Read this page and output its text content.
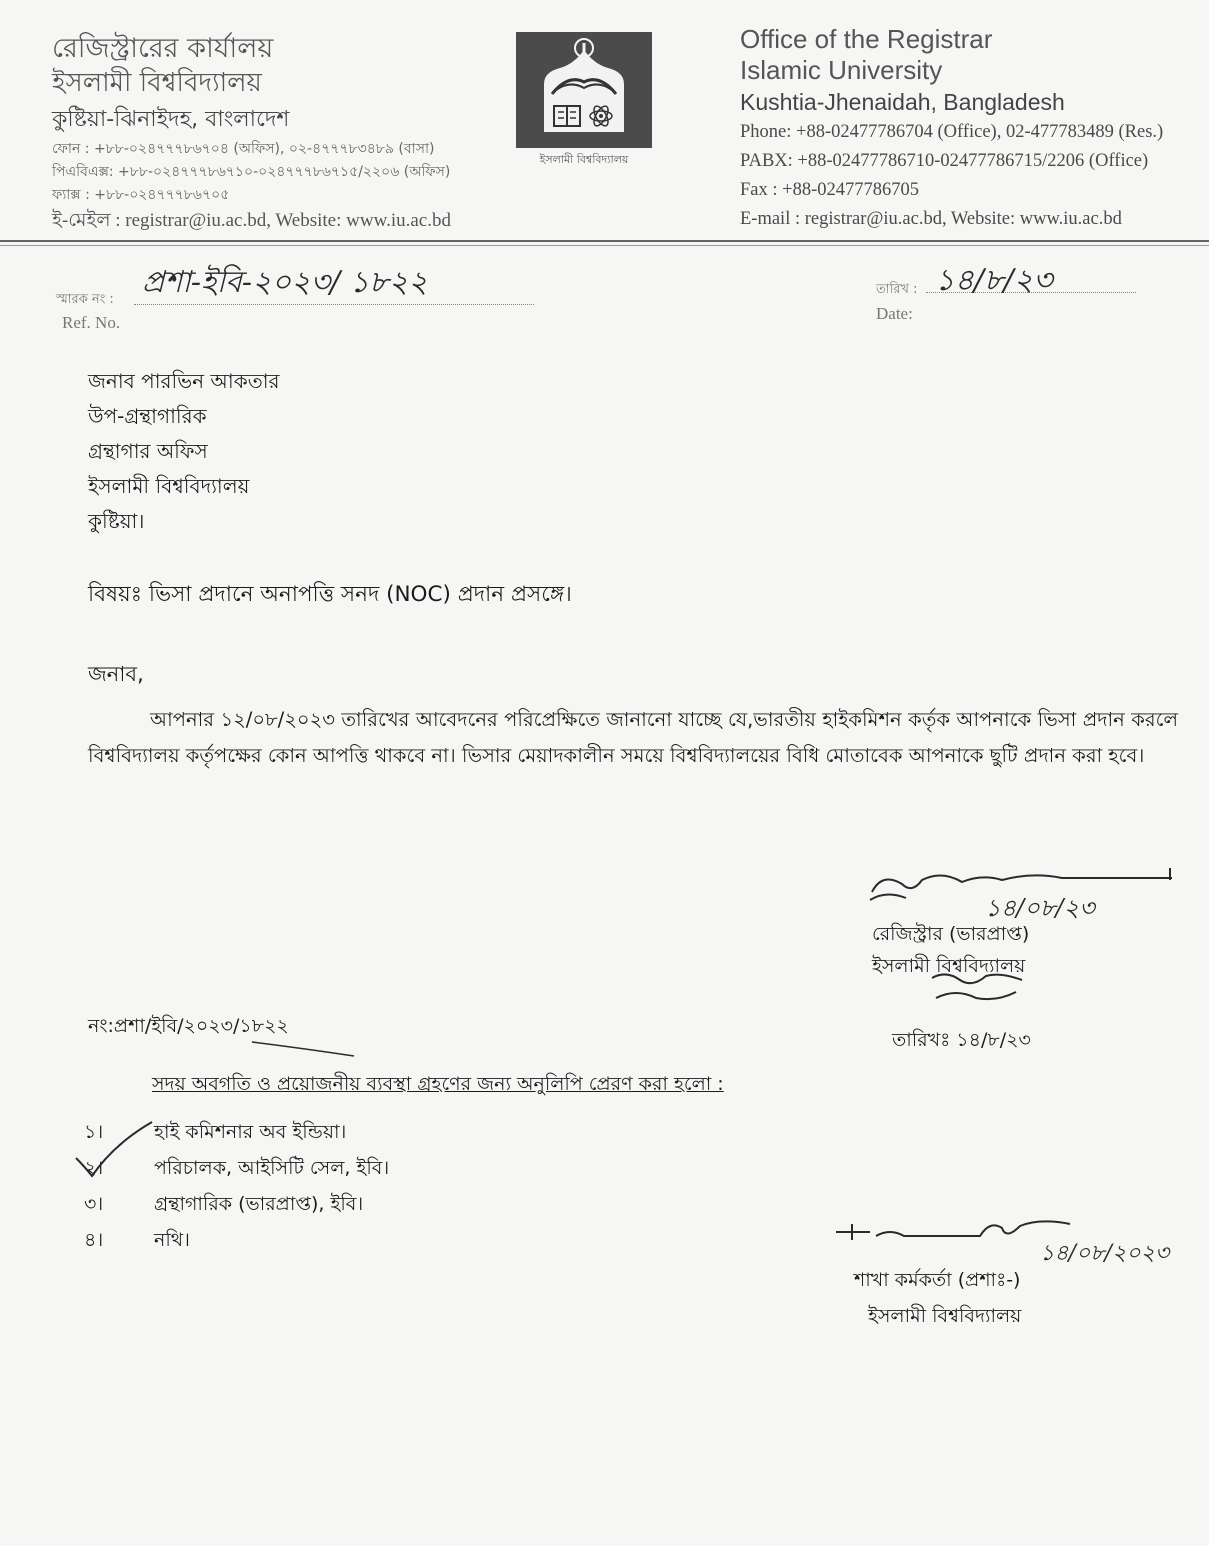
রেজিস্ট্রারের কার্যালয়
ইসলামী বিশ্ববিদ্যালয়
কুষ্টিয়া-ঝিনাইদহ, বাংলাদেশ
ফোন : +৮৮-০২৪৭৭৭৮৬৭০৪ (অফিস), ০২-৪৭৭৭৮৩৪৮৯ (বাসা)
পিএবিএক্স: +৮৮-০২৪৭৭৭৮৬৭১০-০২৪৭৭৭৮৬৭১৫/২২০৬ (অফিস)
ফ্যাক্স : +৮৮-০২৪৭৭৭৮৬৭০৫
ই-মেইল : registrar@iu.ac.bd, Website: www.iu.ac.bd
ইসলামী বিশ্ববিদ্যালয়
Office of the Registrar
Islamic University
Kushtia-Jhenaidah, Bangladesh
Phone: +88-02477786704 (Office), 02-477783489 (Res.)
PABX: +88-02477786710-02477786715/2206 (Office)
Fax : +88-02477786705
E-mail : registrar@iu.ac.bd, Website: www.iu.ac.bd
স্মারক নং :
Ref. No.
প্রশা-ইবি-২০২৩/ ১৮২২	তারিখ :
Date:
১৪/৮/২৩
জনাব পারভিন আকতার
উপ-গ্রন্থাগারিক
গ্রন্থাগার অফিস
ইসলামী বিশ্ববিদ্যালয়
কুষ্টিয়া।
বিষয়ঃ ভিসা প্রদানে অনাপত্তি সনদ (NOC) প্রদান প্রসঙ্গে।
জনাব,
আপনার ১২/০৮/২০২৩ তারিখের আবেদনের পরিপ্রেক্ষিতে জানানো যাচ্ছে যে,ভারতীয় হাইকমিশন কর্তৃক আপনাকে ভিসা প্রদান করলে বিশ্ববিদ্যালয় কর্তৃপক্ষের কোন আপত্তি থাকবে না। ভিসার মেয়াদকালীন সময়ে বিশ্ববিদ্যালয়ের বিধি মোতাবেক আপনাকে ছুটি প্রদান করা হবে।
১৪/০৮/২৩
রেজিস্ট্রার (ভারপ্রাপ্ত)
ইসলামী বিশ্ববিদ্যালয়
তারিখঃ ১৪/৮/২৩
নং:প্রশা/ইবি/২০২৩/১৮২২
সদয় অবগতি ও প্রয়োজনীয় ব্যবস্থা গ্রহণের জন্য অনুলিপি প্রেরণ করা হলো :
১।	হাই কমিশনার অব ইন্ডিয়া।
২।	পরিচালক, আইসিটি সেল, ইবি।
৩।	গ্রন্থাগারিক (ভারপ্রাপ্ত), ইবি।
৪।	নথি।
১৪/০৮/২০২৩
শাখা কর্মকর্তা (প্রশাঃ-)
ইসলামী বিশ্ববিদ্যালয়
